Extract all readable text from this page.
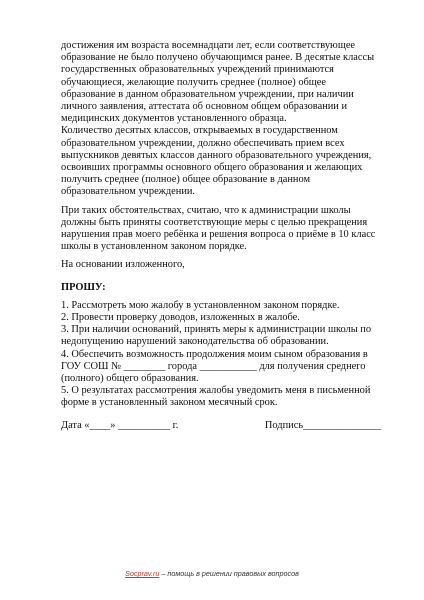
достижения им возраста восемнадцати лет, если соответствующее образование не было получено обучающимся ранее. В десятые классы государственных образовательных учреждений принимаются обучающиеся, желающие получить среднее (полное) общее образование в данном образовательном учреждении, при наличии личного заявления, аттестата об основном общем образовании и медицинских документов установленного образца.

Количество десятых классов, открываемых в государственном образовательном учреждении, должно обеспечивать прием всех выпускников девятых классов данного образовательного учреждения, освоивших программы основного общего образования и желающих получить среднее (полное) общее образование в данном образовательном учреждении.

При таких обстоятельствах, считаю, что к администрации школы должны быть приняты соответствующие меры с целью прекращения нарушения прав моего ребёнка и решения вопроса о приёме в 10 класс школы в установленном законом порядке.

На основании изложенного,

ПРОШУ:

1. Рассмотреть мою жалобу в установленном законом порядке.

2. Провести проверку доводов, изложенных в жалобе.

3. При наличии оснований, принять меры к администрации школы по недопущению нарушений законодательства об образовании.

4. Обеспечить возможность продолжения моим сыном образования в ГОУ СОШ № ________ города ___________ для получения среднего (полного) общего образования.

5. О результатах рассмотрения жалобы уведомить меня в письменной форме в установленный законом месячный срок.

Дата «____» __________ г.	Подпись_______________
Socprav.ru – помощь в решении правовых вопросов
